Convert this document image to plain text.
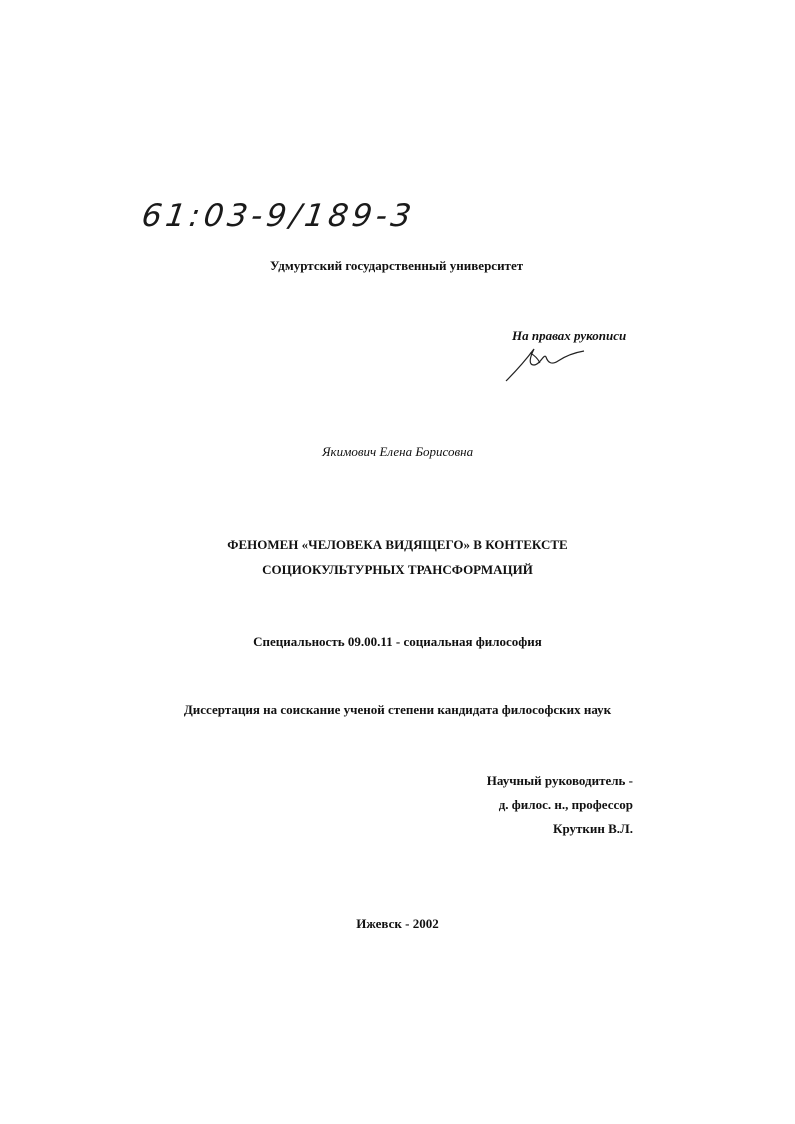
61:03-9/189-3
Удмуртский государственный университет
На правах рукописи
Якимович Елена Борисовна
ФЕНОМЕН «ЧЕЛОВЕКА ВИДЯЩЕГО» В КОНТЕКСТЕ
СОЦИОКУЛЬТУРНЫХ ТРАНСФОРМАЦИЙ
Специальность 09.00.11 - социальная философия
Диссертация на соискание ученой степени кандидата философских наук
Научный руководитель -
д. филос. н., профессор
Круткин В.Л.
Ижевск - 2002
